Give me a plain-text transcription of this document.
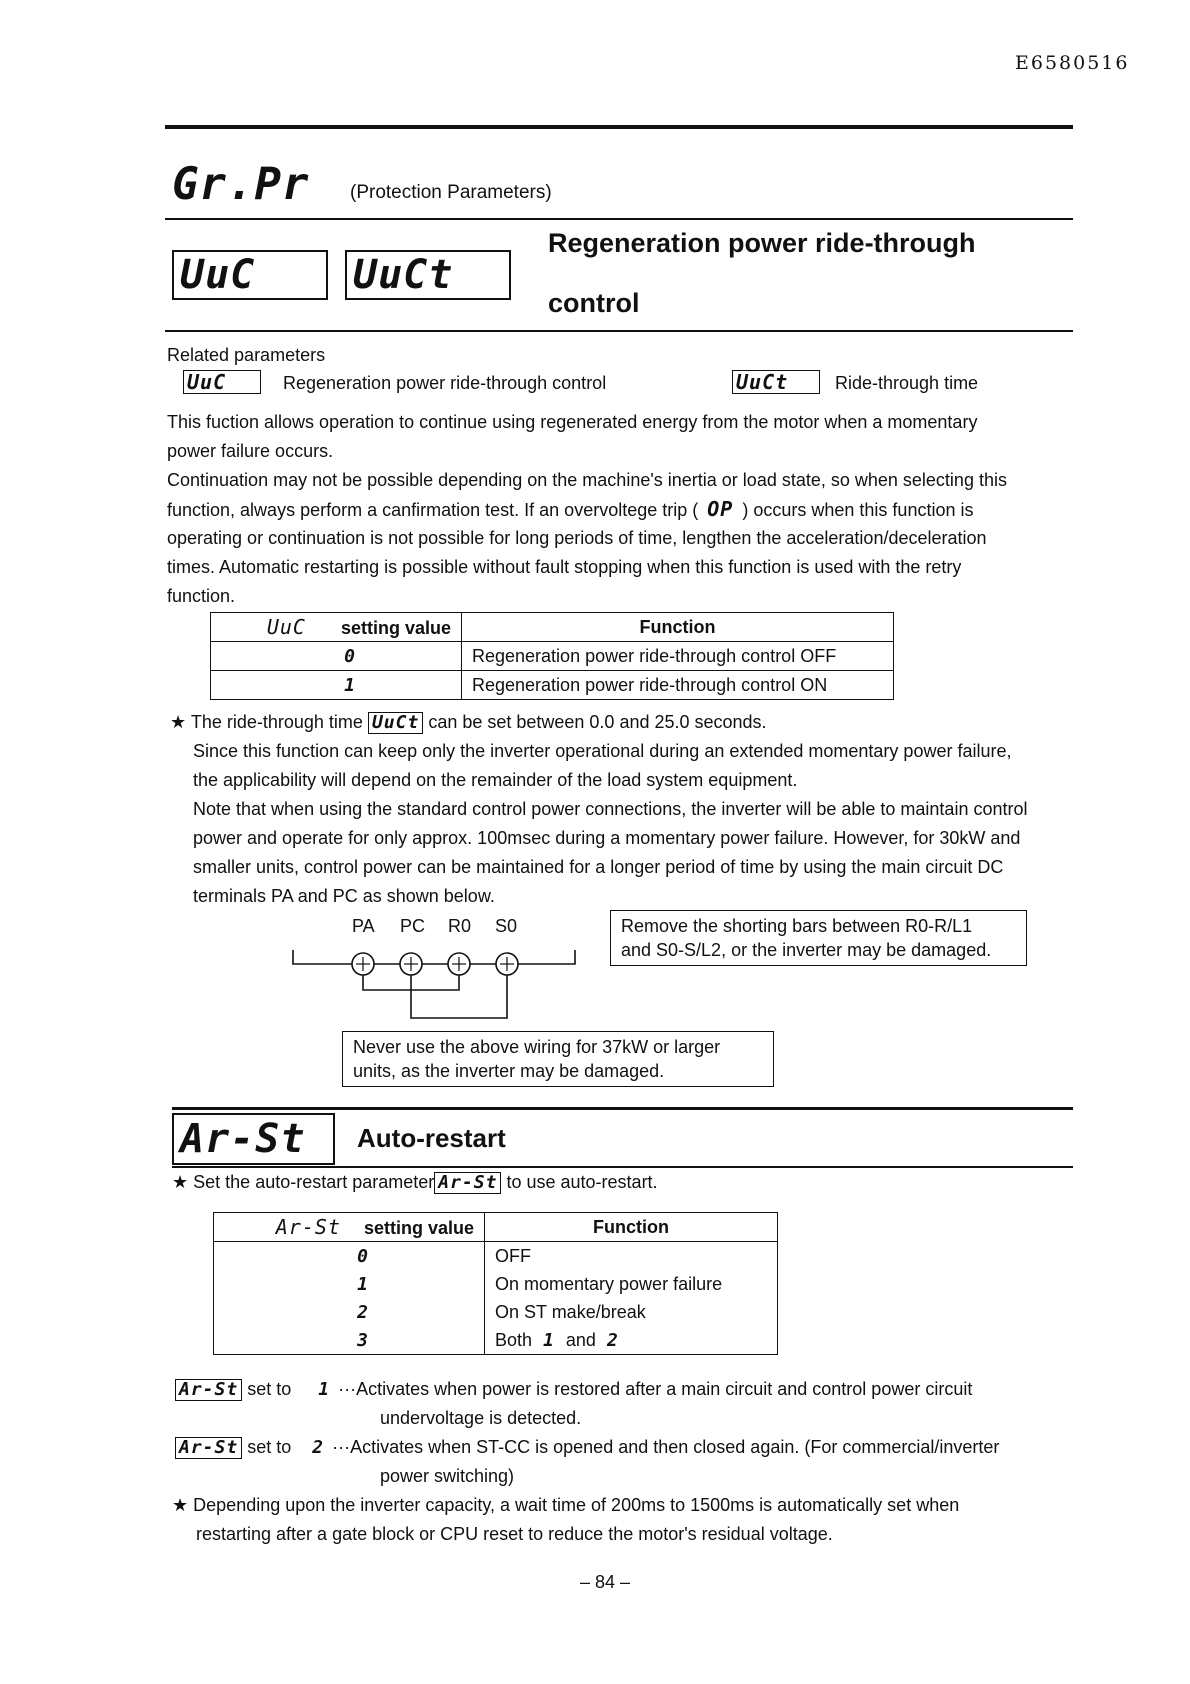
E6580516
Gr.Pr (Protection Parameters)
UuC	UuCt
Regeneration power ride-through
control
Related parameters
UuC	Regeneration power ride-through control	UuCt	Ride-through time
This fuction allows operation to continue using regenerated energy from the motor when a momentary
power failure occurs.
Continuation may not be possible depending on the machine's inertia or load state, so when selecting this
function, always perform a canfirmation test. If an overvoltege trip ( OP ) occurs when this function is
operating or continuation is not possible for long periods of time, lengthen the acceleration/deceleration
times. Automatic restarting is possible without fault stopping when this function is used with the retry
function.
UuC setting value	Function
0	Regeneration power ride-through control OFF
1	Regeneration power ride-through control ON
★ The ride-through time UuCt can be set between 0.0 and 25.0 seconds.
Since this function can keep only the inverter operational during an extended momentary power failure,
the applicability will depend on the remainder of the load system equipment.
Note that when using the standard control power connections, the inverter will be able to maintain control
power and operate for only approx. 100msec during a momentary power failure. However, for 30kW and
smaller units, control power can be maintained for a longer period of time by using the main circuit DC
terminals PA and PC as shown below.
PA PC R0 S0	Remove the shorting bars between R0-R/L1
and S0-S/L2, or the inverter may be damaged.
Never use the above wiring for 37kW or larger
units, as the inverter may be damaged.
Ar-St	Auto-restart
★ Set the auto-restart parameter Ar-St to use auto-restart.
Ar-St setting value	Function
0	OFF
1	On momentary power failure
2	On ST make/break
3	Both 1 and 2
Ar-St set to 1 ···Activates when power is restored after a main circuit and control power circuit
undervoltage is detected.
Ar-St set to 2 ···Activates when ST-CC is opened and then closed again. (For commercial/inverter
power switching)
★ Depending upon the inverter capacity, a wait time of 200ms to 1500ms is automatically set when
restarting after a gate block or CPU reset to reduce the motor's residual voltage.
– 84 –
